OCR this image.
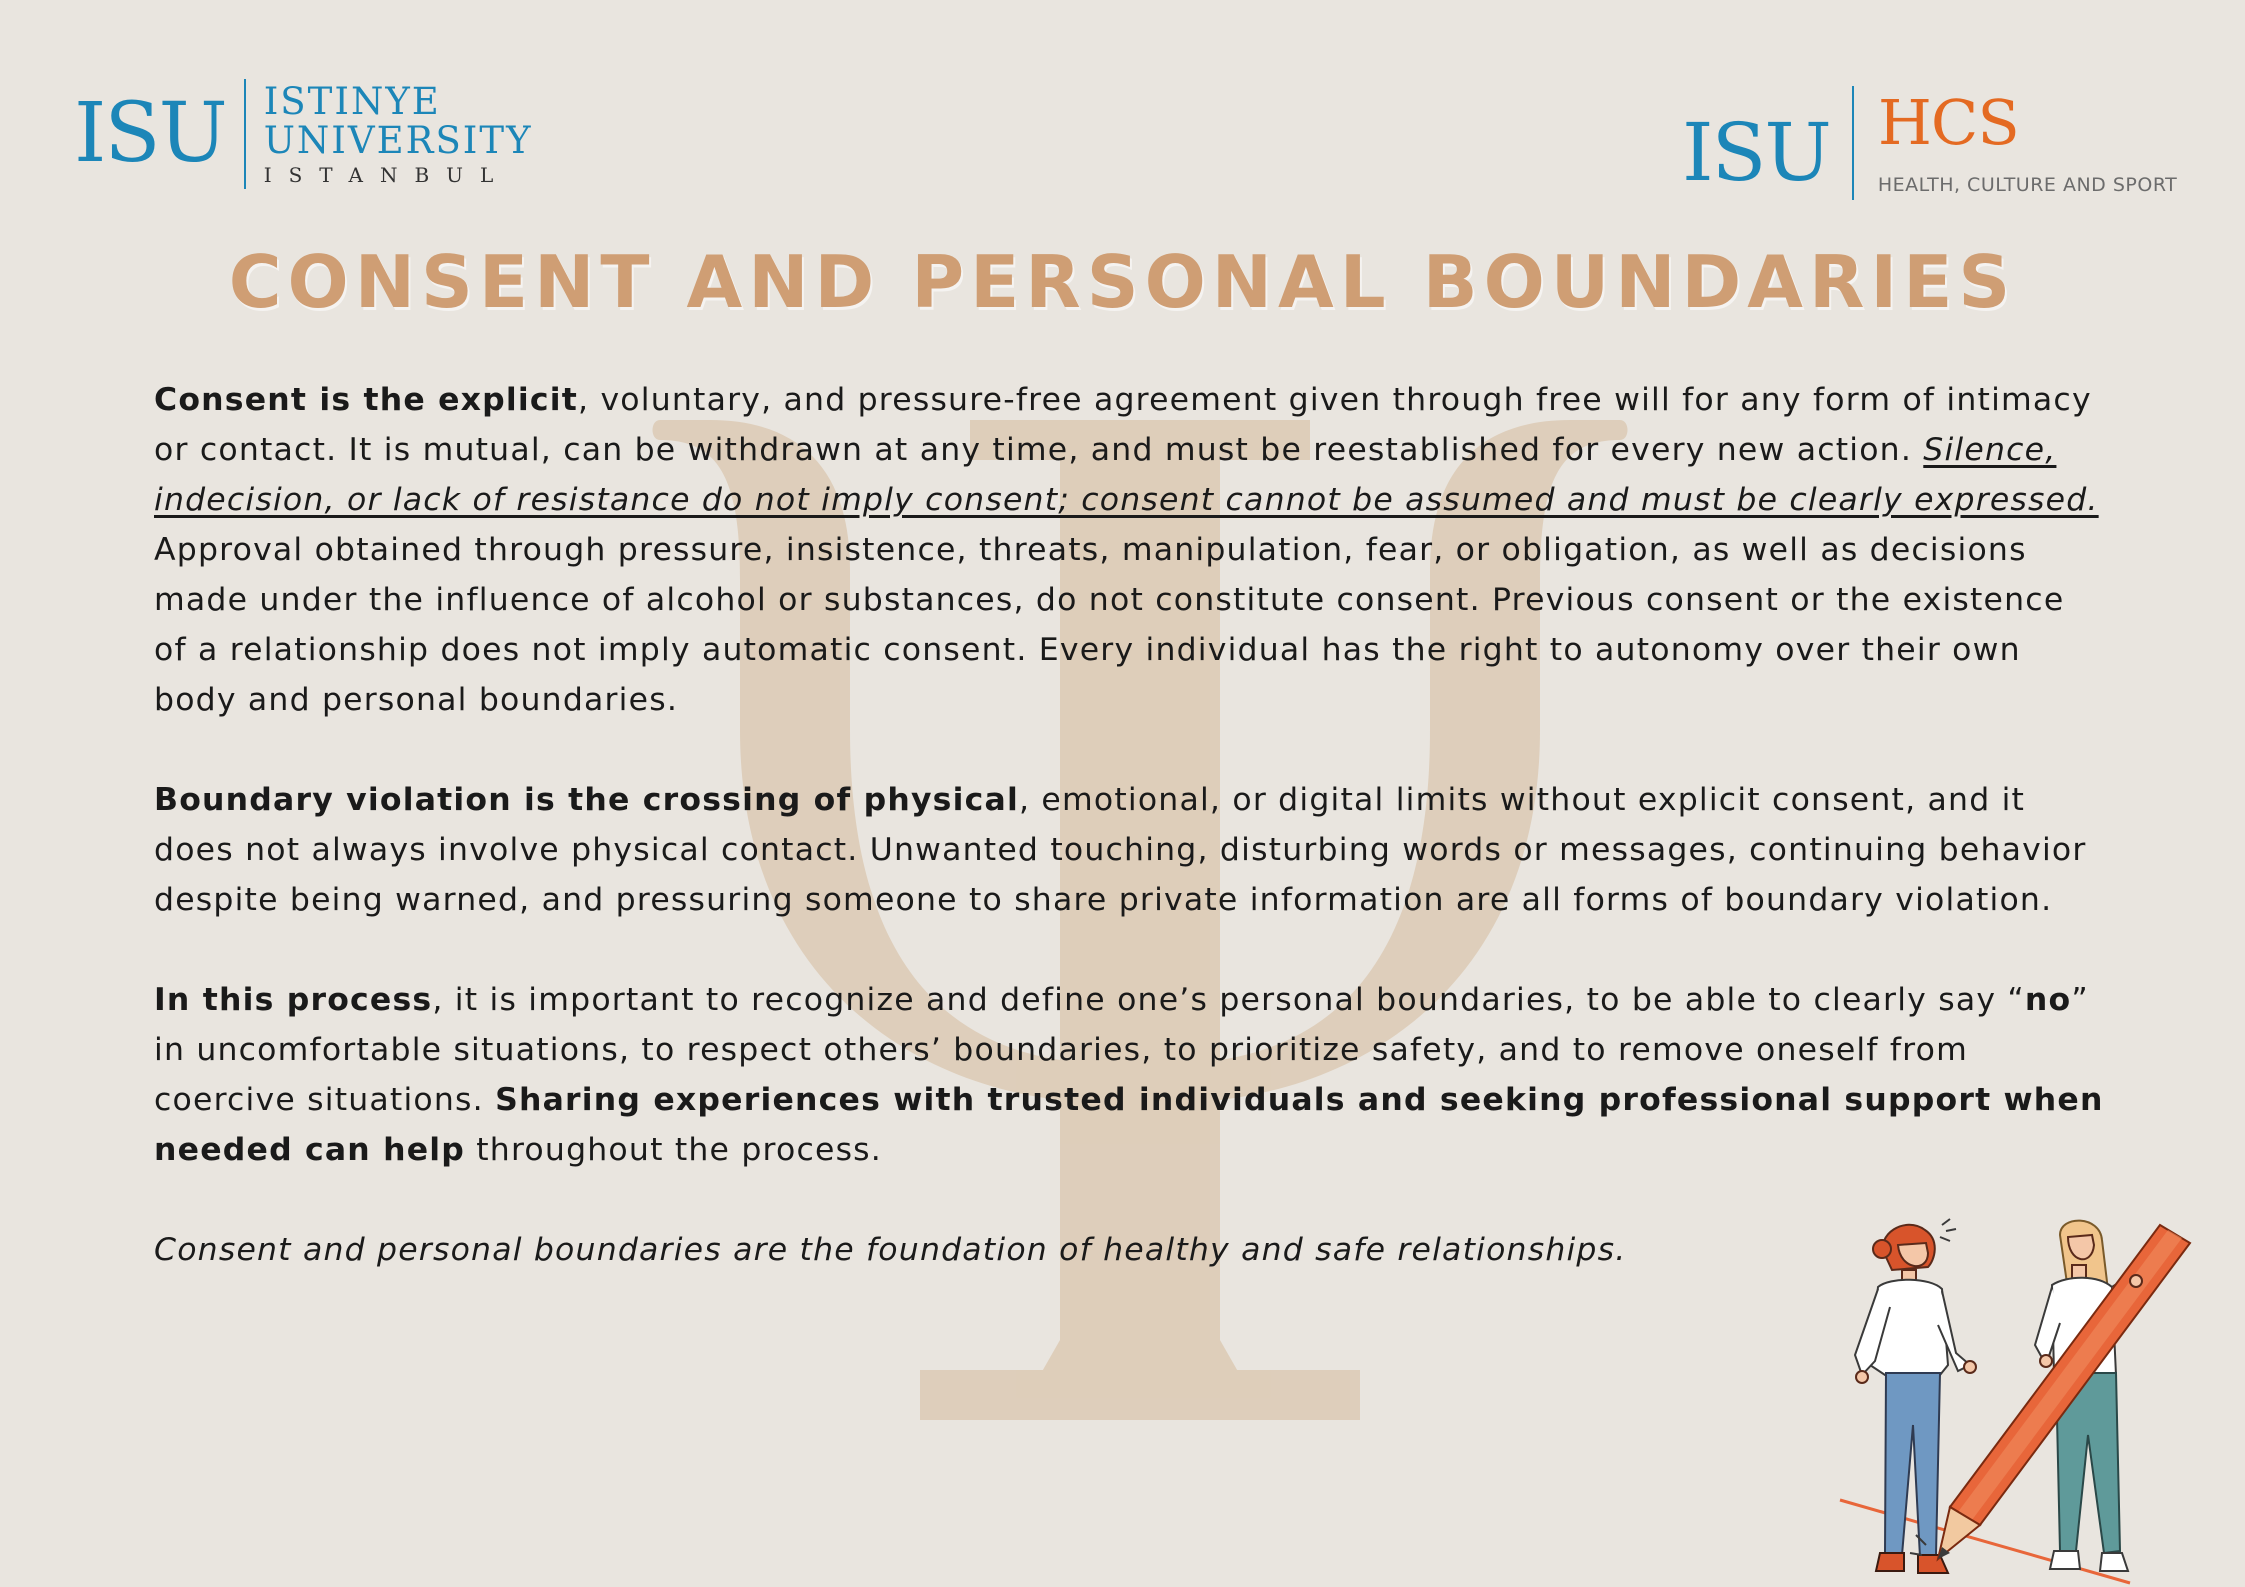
ISU ISTINYE
UNIVERSITY
ISTANBUL	ISU HCS
HEALTH, CULTURE AND SPORT
CONSENT AND PERSONAL BOUNDARIES

Consent is the explicit, voluntary, and pressure-free agreement given through free will for any form of intimacy or contact. It is mutual, can be withdrawn at any time, and must be reestablished for every new action. Silence, indecision, or lack of resistance do not imply consent; consent cannot be assumed and must be clearly expressed.

Approval obtained through pressure, insistence, threats, manipulation, fear, or obligation, as well as decisions made under the influence of alcohol or substances, do not constitute consent. Previous consent or the existence of a relationship does not imply automatic consent. Every individual has the right to autonomy over their own body and personal boundaries.

Boundary violation is the crossing of physical, emotional, or digital limits without explicit consent, and it does not always involve physical contact. Unwanted touching, disturbing words or messages, continuing behavior despite being warned, and pressuring someone to share private information are all forms of boundary violation.

In this process, it is important to recognize and define one’s personal boundaries, to be able to clearly say “no” in uncomfortable situations, to respect others’ boundaries, to prioritize safety, and to remove oneself from coercive situations. Sharing experiences with trusted individuals and seeking professional support when needed can help throughout the process.

Consent and personal boundaries are the foundation of healthy and safe relationships.
